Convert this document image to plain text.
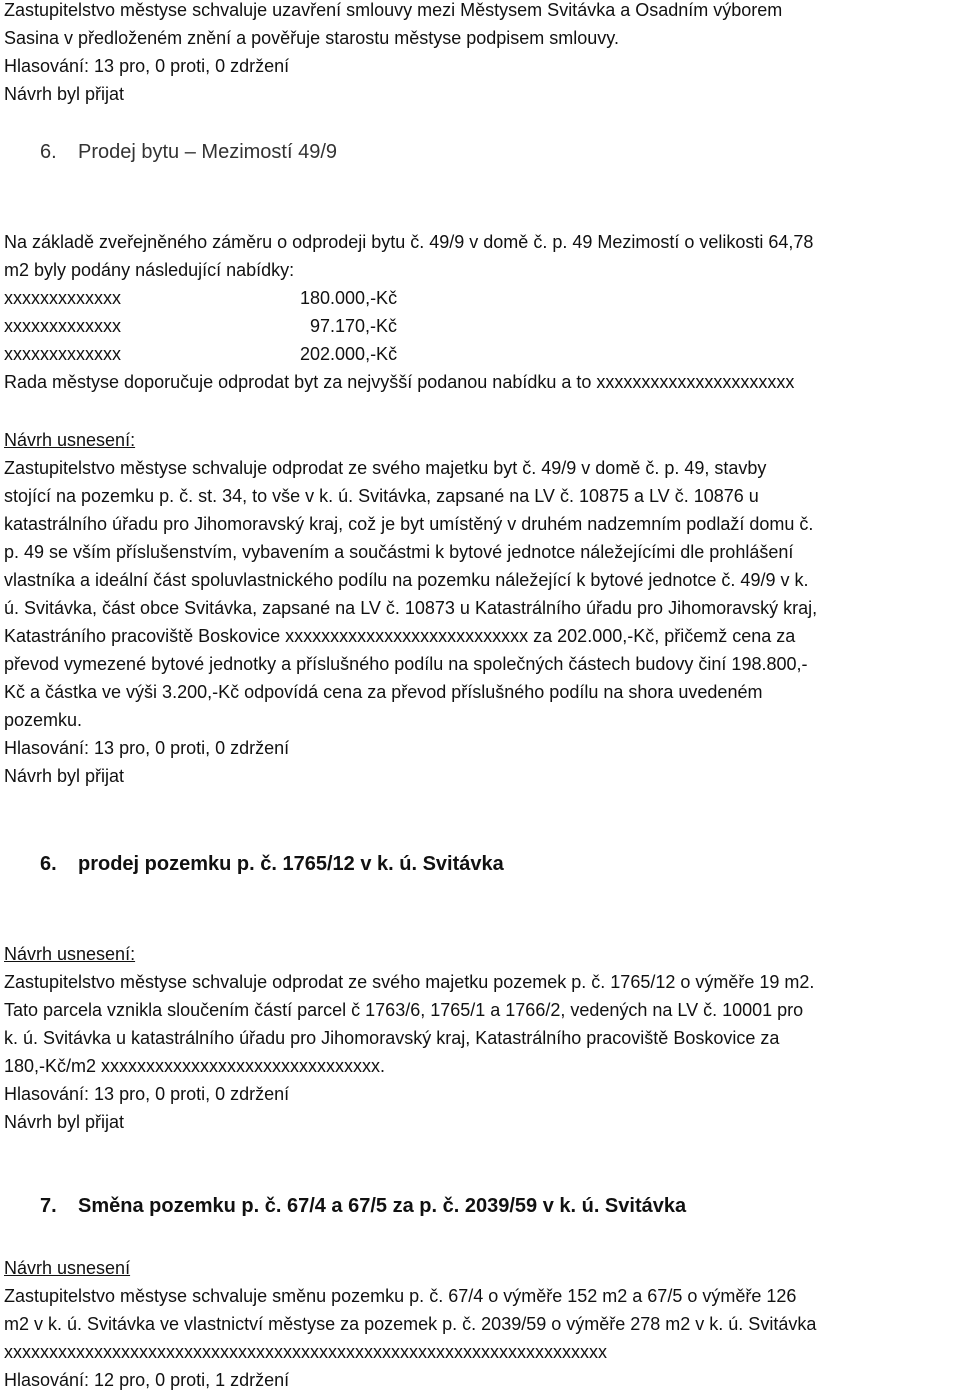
Zastupitelstvo městyse schvaluje uzavření smlouvy mezi Městysem Svitávka a Osadním výborem
Sasina v předloženém znění a pověřuje starostu městyse podpisem smlouvy.
Hlasování: 13 pro, 0 proti, 0 zdržení
Návrh byl přijat
6. Prodej bytu – Mezimostí 49/9
Na základě zveřejněného záměru o odprodeji bytu č. 49/9 v domě č. p. 49 Mezimostí o velikosti 64,78
m2 byly podány následující nabídky:
xxxxxxxxxxxxx	180.000,-Kč
xxxxxxxxxxxxx	97.170,-Kč
xxxxxxxxxxxxx	202.000,-Kč
Rada městyse doporučuje odprodat byt za nejvyšší podanou nabídku a to xxxxxxxxxxxxxxxxxxxxxx
Návrh usnesení:
Zastupitelstvo městyse schvaluje odprodat ze svého majetku byt č. 49/9 v domě č. p. 49, stavby
stojící na pozemku p. č. st. 34, to vše v k. ú. Svitávka, zapsané na LV č. 10875 a LV č. 10876 u
katastrálního úřadu pro Jihomoravský kraj, což je byt umístěný v druhém nadzemním podlaží domu č.
p. 49 se vším příslušenstvím, vybavením a součástmi k bytové jednotce náležejícími dle prohlášení
vlastníka a ideální část spoluvlastnického podílu na pozemku náležející k bytové jednotce č. 49/9 v k.
ú. Svitávka, část obce Svitávka, zapsané na LV č. 10873 u Katastrálního úřadu pro Jihomoravský kraj,
Katastráního pracoviště Boskovice xxxxxxxxxxxxxxxxxxxxxxxxxxx za 202.000,-Kč, přičemž cena za
převod vymezené bytové jednotky a příslušného podílu na společných částech budovy činí 198.800,-
Kč a částka ve výši 3.200,-Kč odpovídá cena za převod příslušného podílu na shora uvedeném
pozemku.
Hlasování: 13 pro, 0 proti, 0 zdržení
Návrh byl přijat
6. prodej pozemku p. č. 1765/12 v k. ú. Svitávka
Návrh usnesení:
Zastupitelstvo městyse schvaluje odprodat ze svého majetku pozemek p. č. 1765/12 o výměře 19 m2.
Tato parcela vznikla sloučením částí parcel č 1763/6, 1765/1 a 1766/2, vedených na LV č. 10001 pro
k. ú. Svitávka u katastrálního úřadu pro Jihomoravský kraj, Katastrálního pracoviště Boskovice za
180,-Kč/m2 xxxxxxxxxxxxxxxxxxxxxxxxxxxxxxx.
Hlasování: 13 pro, 0 proti, 0 zdržení
Návrh byl přijat
7. Směna pozemku p. č. 67/4 a 67/5 za p. č. 2039/59 v k. ú. Svitávka
Návrh usnesení
Zastupitelstvo městyse schvaluje směnu pozemku p. č. 67/4 o výměře 152 m2 a 67/5 o výměře 126
m2 v k. ú. Svitávka ve vlastnictví městyse za pozemek p. č. 2039/59 o výměře 278 m2 v k. ú. Svitávka
xxxxxxxxxxxxxxxxxxxxxxxxxxxxxxxxxxxxxxxxxxxxxxxxxxxxxxxxxxxxxxxxxxx
Hlasování: 12 pro, 0 proti, 1 zdržení
